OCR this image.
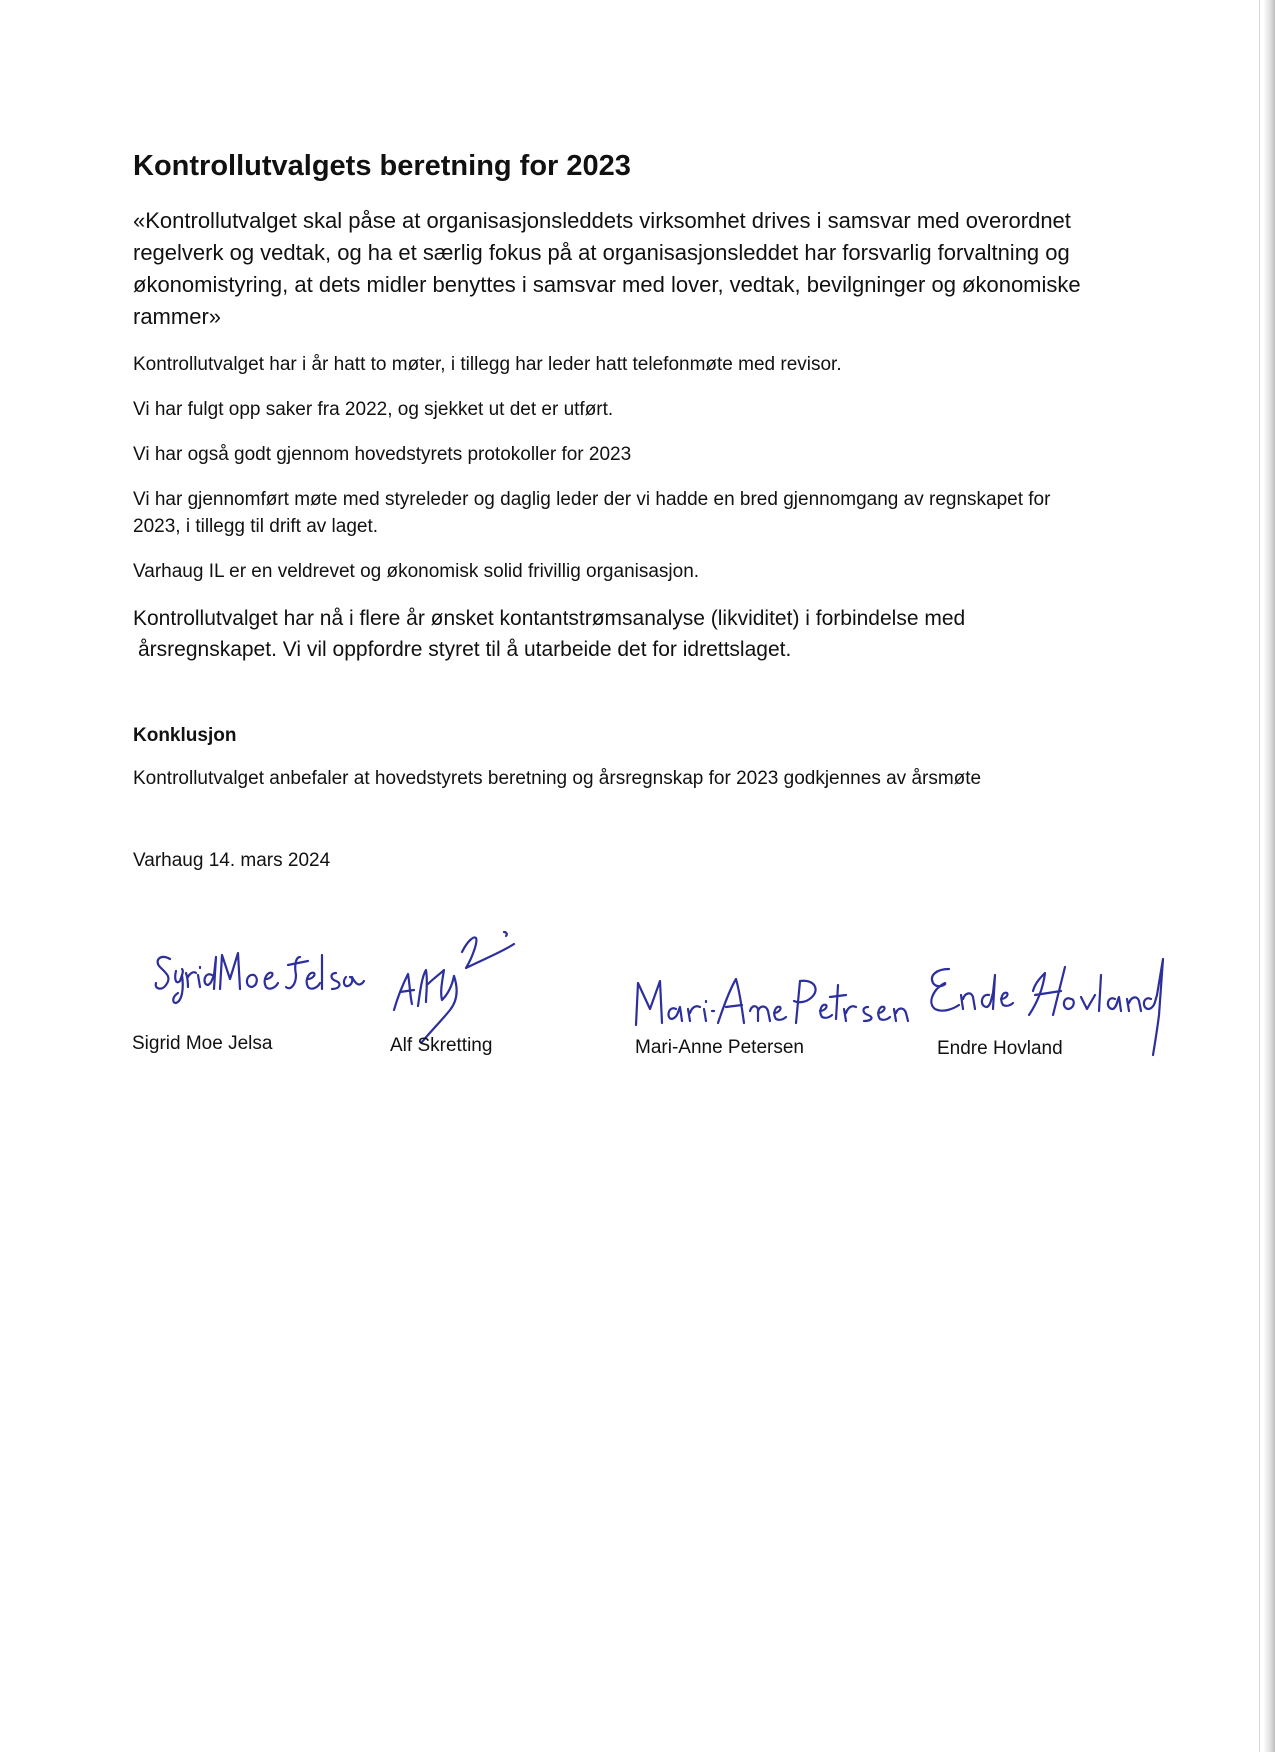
Kontrollutvalgets beretning for 2023
«Kontrollutvalget skal påse at organisasjonsleddets virksomhet drives i samsvar med overordnet regelverk og vedtak, og ha et særlig fokus på at organisasjonsleddet har forsvarlig forvaltning og økonomistyring, at dets midler benyttes i samsvar med lover, vedtak, bevilgninger og økonomiske rammer»
Kontrollutvalget har i år hatt to møter, i tillegg har leder hatt telefonmøte med revisor.
Vi har fulgt opp saker fra 2022, og sjekket ut det er utført.
Vi har også godt gjennom hovedstyrets protokoller for 2023
Vi har gjennomført møte med styreleder og daglig leder der vi hadde en bred gjennomgang av regnskapet for 2023, i tillegg til drift av laget.
Varhaug IL er en veldrevet og økonomisk solid frivillig organisasjon.
Kontrollutvalget har nå i flere år ønsket kontantstrømsanalyse (likviditet) i forbindelse med årsregnskapet. Vi vil oppfordre styret til å utarbeide det for idrettslaget.
Konklusjon
Kontrollutvalget anbefaler at hovedstyrets beretning og årsregnskap for 2023 godkjennes av årsmøte
Varhaug 14. mars 2024
Sigrid Moe Jelsa	Alf Skretting	Mari-Anne Petersen	Endre Hovland
